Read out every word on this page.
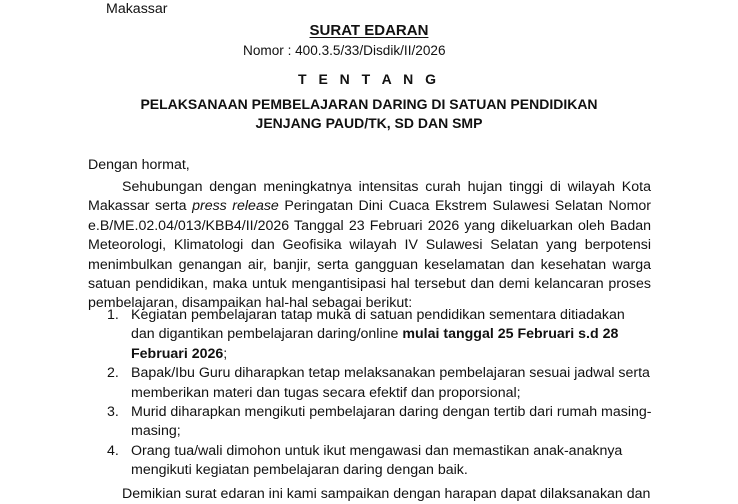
Makassar
SURAT EDARAN
Nomor : 400.3.5/33/Disdik/II/2026
T E N T A N G
PELAKSANAAN PEMBELAJARAN DARING DI SATUAN PENDIDIKAN
JENJANG PAUD/TK, SD DAN SMP
Dengan hormat,
Sehubungan dengan meningkatnya intensitas curah hujan tinggi di wilayah Kota Makassar serta press release Peringatan Dini Cuaca Ekstrem Sulawesi Selatan Nomor e.B/ME.02.04/013/KBB4/II/2026 Tanggal 23 Februari 2026 yang dikeluarkan oleh Badan Meteorologi, Klimatologi dan Geofisika wilayah IV Sulawesi Selatan yang berpotensi menimbulkan genangan air, banjir, serta gangguan keselamatan dan kesehatan warga satuan pendidikan, maka untuk mengantisipasi hal tersebut dan demi kelancaran proses pembelajaran, disampaikan hal-hal sebagai berikut:
1. Kegiatan pembelajaran tatap muka di satuan pendidikan sementara ditiadakan dan digantikan pembelajaran daring/online mulai tanggal 25 Februari s.d 28 Februari 2026;
2. Bapak/Ibu Guru diharapkan tetap melaksanakan pembelajaran sesuai jadwal serta memberikan materi dan tugas secara efektif dan proporsional;
3. Murid diharapkan mengikuti pembelajaran daring dengan tertib dari rumah masing-masing;
4. Orang tua/wali dimohon untuk ikut mengawasi dan memastikan anak-anaknya mengikuti kegiatan pembelajaran daring dengan baik.
Demikian surat edaran ini kami sampaikan dengan harapan dapat dilaksanakan dan
